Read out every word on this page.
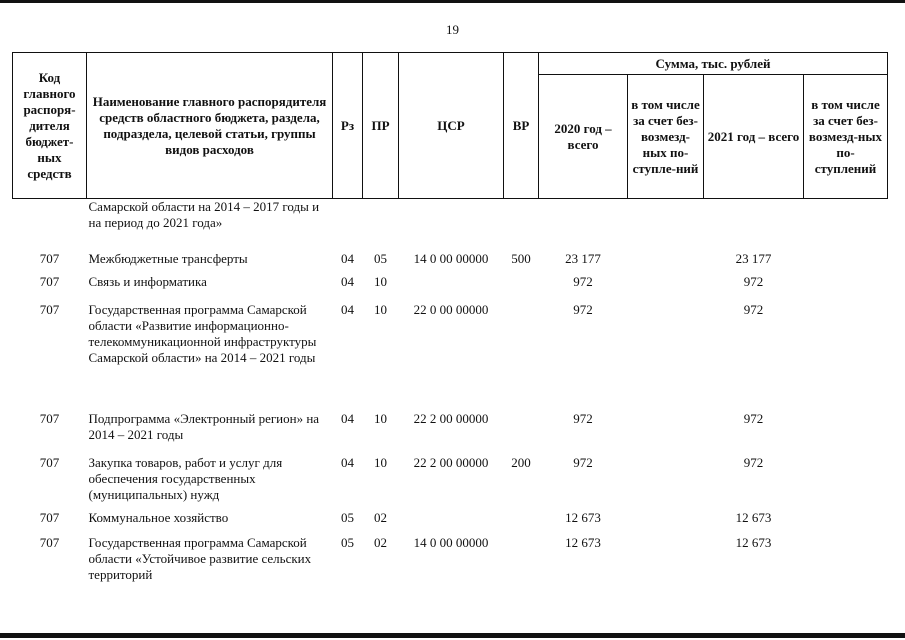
19
Код главного распоря-дителя бюджет-ных средств	Наименование главного распорядителя средств областного бюджета, раздела, подраздела, целевой статьи, группы видов расходов	Рз	ПР	ЦСР	ВР	Сумма, тыс. рублей			
						2020 год – всего	в том числе за счет без-возмезд-ных по-ступле-ний	2021 год – всего	в том числе за счет без-возмезд-ных по-ступлений
	Самарской области на 2014 – 2017 годы и на период до 2021 года»								
707	Межбюджетные трансферты	04	05	14 0 00 00000	500	23 177		23 177	
707	Связь и информатика	04	10			972		972	
707	Государственная программа Самарской области «Развитие информационно-телекоммуникационной инфраструктуры Самарской области» на 2014 – 2021 годы	04	10	22 0 00 00000		972		972	
707	Подпрограмма «Электронный регион» на 2014 – 2021 годы	04	10	22 2 00 00000		972		972	
707	Закупка товаров, работ и услуг для обеспечения государственных (муниципальных) нужд	04	10	22 2 00 00000	200	972		972	
707	Коммунальное хозяйство	05	02			12 673		12 673	
707	Государственная программа Самарской области «Устойчивое развитие сельских территорий	05	02	14 0 00 00000		12 673		12 673	
